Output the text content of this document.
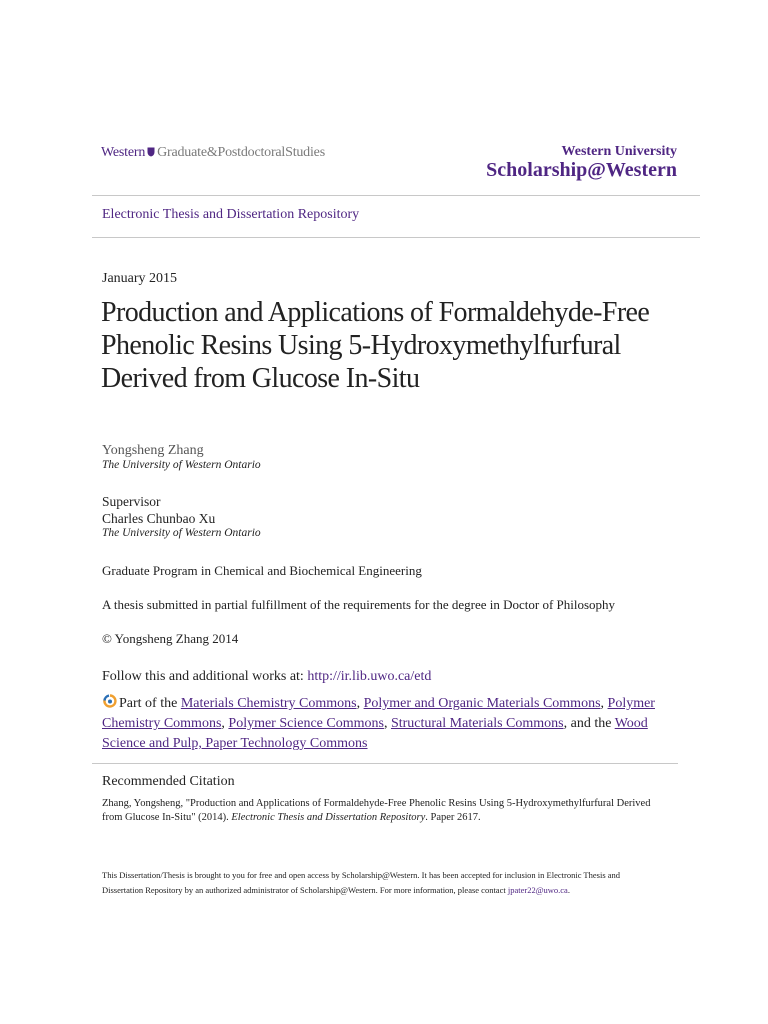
Western Graduate&PostdoctoralStudies	Western University
Scholarship@Western
Electronic Thesis and Dissertation Repository
January 2015
Production and Applications of Formaldehyde-Free Phenolic Resins Using 5-Hydroxymethylfurfural Derived from Glucose In-Situ
Yongsheng Zhang
The University of Western Ontario
Supervisor
Charles Chunbao Xu
The University of Western Ontario
Graduate Program in Chemical and Biochemical Engineering
A thesis submitted in partial fulfillment of the requirements for the degree in Doctor of Philosophy
© Yongsheng Zhang 2014
Follow this and additional works at: http://ir.lib.uwo.ca/etd
Part of the Materials Chemistry Commons, Polymer and Organic Materials Commons, Polymer Chemistry Commons, Polymer Science Commons, Structural Materials Commons, and the Wood Science and Pulp, Paper Technology Commons
Recommended Citation
Zhang, Yongsheng, "Production and Applications of Formaldehyde-Free Phenolic Resins Using 5-Hydroxymethylfurfural Derived from Glucose In-Situ" (2014). Electronic Thesis and Dissertation Repository. Paper 2617.
This Dissertation/Thesis is brought to you for free and open access by Scholarship@Western. It has been accepted for inclusion in Electronic Thesis and Dissertation Repository by an authorized administrator of Scholarship@Western. For more information, please contact jpater22@uwo.ca.
